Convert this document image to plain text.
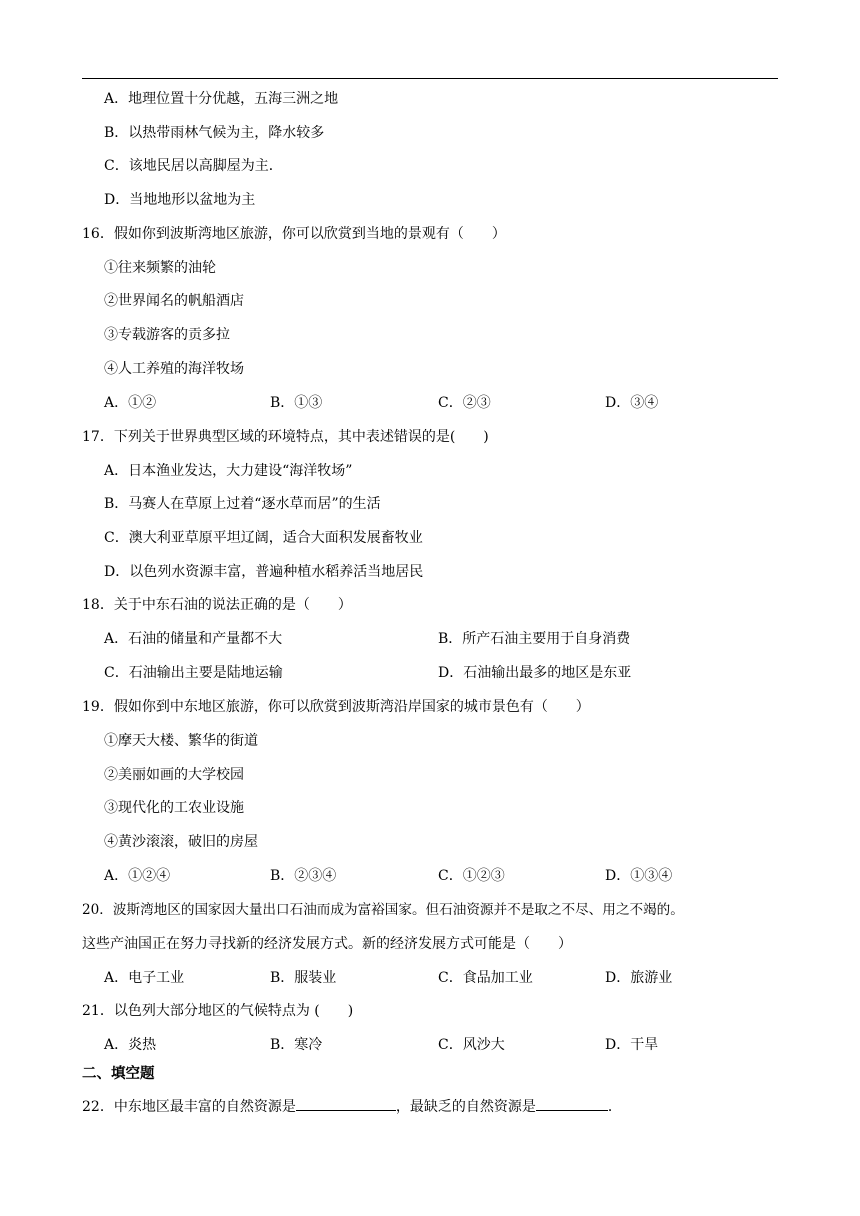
A．地理位置十分优越，五海三洲之地
B．以热带雨林气候为主，降水较多
C．该地民居以高脚屋为主．
D．当地地形以盆地为主
16．假如你到波斯湾地区旅游，你可以欣赏到当地的景观有（　　）
①往来频繁的油轮
②世界闻名的帆船酒店
③专载游客的贡多拉
④人工养殖的海洋牧场
A．①②	B．①③	C．②③	D．③④
17．下列关于世界典型区域的环境特点，其中表述错误的是(　　)
A．日本渔业发达，大力建设“海洋牧场”
B．马赛人在草原上过着“逐水草而居”的生活
C．澳大利亚草原平坦辽阔，适合大面积发展畜牧业
D．以色列水资源丰富，普遍种植水稻养活当地居民
18．关于中东石油的说法正确的是（　　）
A．石油的储量和产量都不大	B．所产石油主要用于自身消费
C．石油输出主要是陆地运输	D．石油输出最多的地区是东亚
19．假如你到中东地区旅游，你可以欣赏到波斯湾沿岸国家的城市景色有（　　）
①摩天大楼、繁华的街道
②美丽如画的大学校园
③现代化的工农业设施
④黄沙滚滚，破旧的房屋
A．①②④	B．②③④	C．①②③	D．①③④
20．波斯湾地区的国家因大量出口石油而成为富裕国家。但石油资源并不是取之不尽、用之不竭的。
这些产油国正在努力寻找新的经济发展方式。新的经济发展方式可能是（　　）
A．电子工业	B．服装业	C．食品加工业	D．旅游业
21．以色列大部分地区的气候特点为 (　　)
A．炎热	B．寒冷	C．风沙大	D．干旱
二、填空题
22．中东地区最丰富的自然资源是	，最缺乏的自然资源是	．
